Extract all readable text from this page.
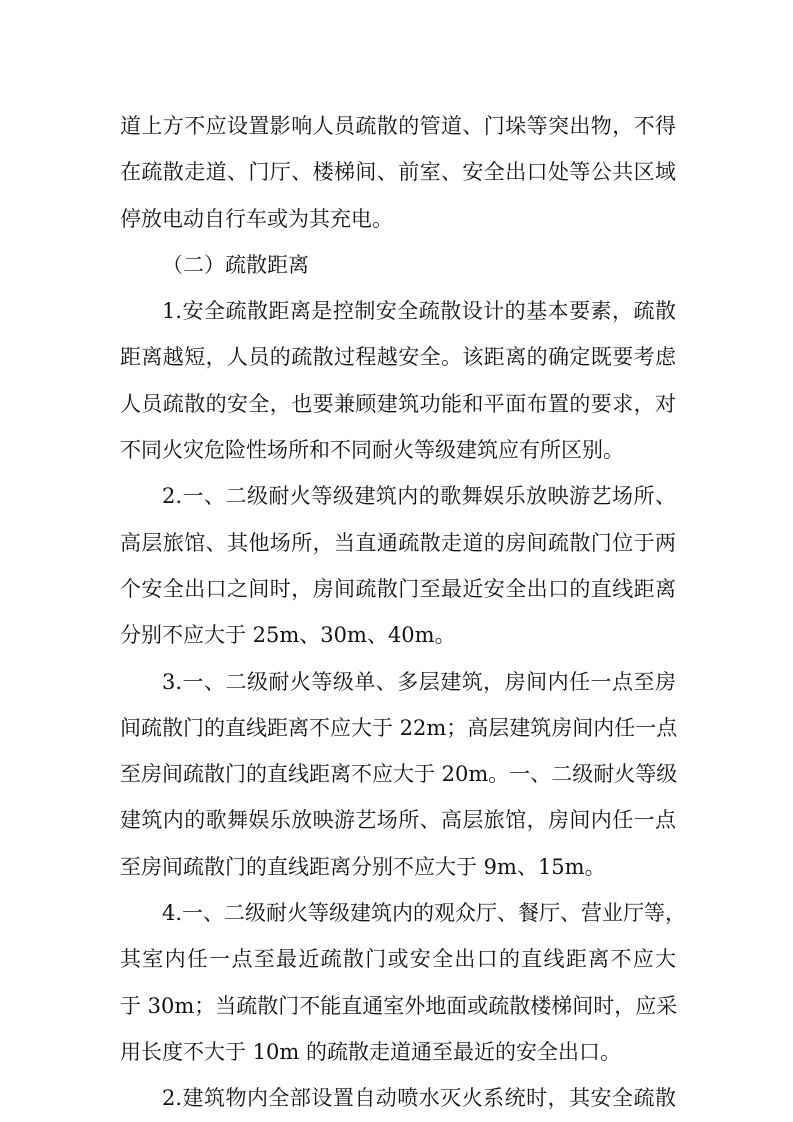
道上方不应设置影响人员疏散的管道、门垛等突出物，不得
在疏散走道、门厅、楼梯间、前室、安全出口处等公共区域
停放电动自行车或为其充电。
（二）疏散距离
1.安全疏散距离是控制安全疏散设计的基本要素，疏散
距离越短，人员的疏散过程越安全。该距离的确定既要考虑
人员疏散的安全，也要兼顾建筑功能和平面布置的要求，对
不同火灾危险性场所和不同耐火等级建筑应有所区别。
2.一、二级耐火等级建筑内的歌舞娱乐放映游艺场所、
高层旅馆、其他场所，当直通疏散走道的房间疏散门位于两
个安全出口之间时，房间疏散门至最近安全出口的直线距离
分别不应大于 25m、30m、40m。
3.一、二级耐火等级单、多层建筑，房间内任一点至房
间疏散门的直线距离不应大于 22m；高层建筑房间内任一点
至房间疏散门的直线距离不应大于 20m。一、二级耐火等级
建筑内的歌舞娱乐放映游艺场所、高层旅馆，房间内任一点
至房间疏散门的直线距离分别不应大于 9m、15m。
4.一、二级耐火等级建筑内的观众厅、餐厅、营业厅等，
其室内任一点至最近疏散门或安全出口的直线距离不应大
于 30m；当疏散门不能直通室外地面或疏散楼梯间时，应采
用长度不大于 10m 的疏散走道通至最近的安全出口。
2.建筑物内全部设置自动喷水灭火系统时，其安全疏散
